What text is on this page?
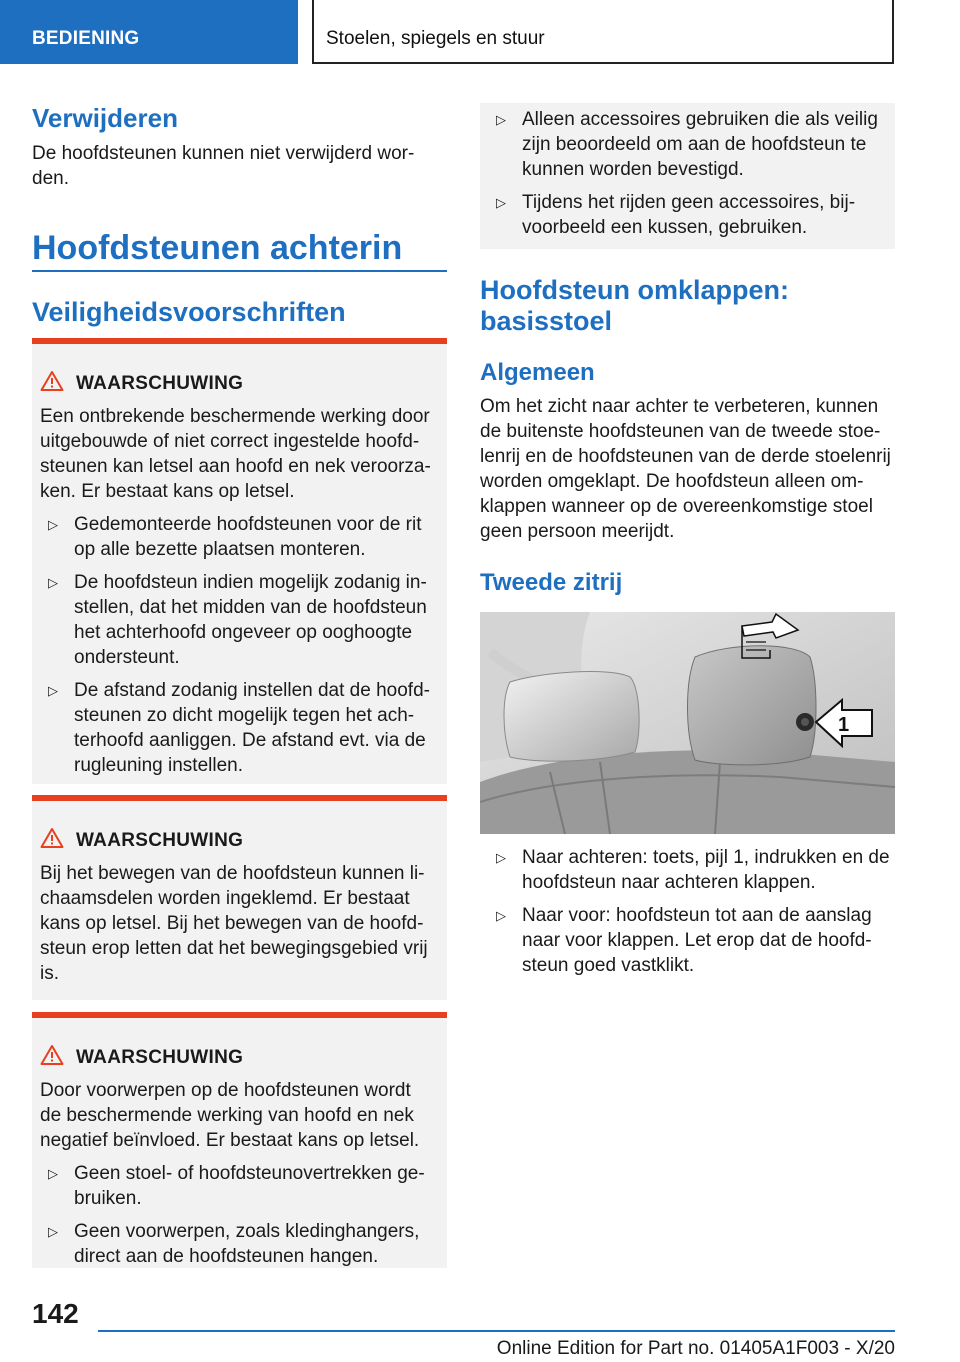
BEDIENING	Stoelen, spiegels en stuur
Verwijderen
De hoofdsteunen kunnen niet verwijderd wor-
den.
Hoofdsteunen achterin
Veiligheidsvoorschriften
WAARSCHUWING
Een ontbrekende beschermende werking door
uitgebouwde of niet correct ingestelde hoofd-
steunen kan letsel aan hoofd en nek veroorza-
ken. Er bestaat kans op letsel.
▷ Gedemonteerde hoofdsteunen voor de rit
op alle bezette plaatsen monteren.
▷ De hoofdsteun indien mogelijk zodanig in-
stellen, dat het midden van de hoofdsteun
het achterhoofd ongeveer op ooghoogte
ondersteunt.
▷ De afstand zodanig instellen dat de hoofd-
steunen zo dicht mogelijk tegen het ach-
terhoofd aanliggen. De afstand evt. via de
rugleuning instellen.
WAARSCHUWING
Bij het bewegen van de hoofdsteun kunnen li-
chaamsdelen worden ingeklemd. Er bestaat
kans op letsel. Bij het bewegen van de hoofd-
steun erop letten dat het bewegingsgebied vrij
is.
WAARSCHUWING
Door voorwerpen op de hoofdsteunen wordt
de beschermende werking van hoofd en nek
negatief beïnvloed. Er bestaat kans op letsel.
▷ Geen stoel- of hoofdsteunovertrekken ge-
bruiken.
▷ Geen voorwerpen, zoals kledinghangers,
direct aan de hoofdsteunen hangen.
▷ Alleen accessoires gebruiken die als veilig
zijn beoordeeld om aan de hoofdsteun te
kunnen worden bevestigd.
▷ Tijdens het rijden geen accessoires, bij-
voorbeeld een kussen, gebruiken.
Hoofdsteun omklappen:
basisstoel
Algemeen
Om het zicht naar achter te verbeteren, kunnen
de buitenste hoofdsteunen van de tweede stoe-
lenrij en de hoofdsteunen van de derde stoelenrij
worden omgeklapt. De hoofdsteun alleen om-
klappen wanneer op de overeenkomstige stoel
geen persoon meerijdt.
Tweede zitrij
1
▷ Naar achteren: toets, pijl 1, indrukken en de
hoofdsteun naar achteren klappen.
▷ Naar voor: hoofdsteun tot aan de aanslag
naar voor klappen. Let erop dat de hoofd-
steun goed vastklikt.
142
Online Edition for Part no. 01405A1F003 - X/20
